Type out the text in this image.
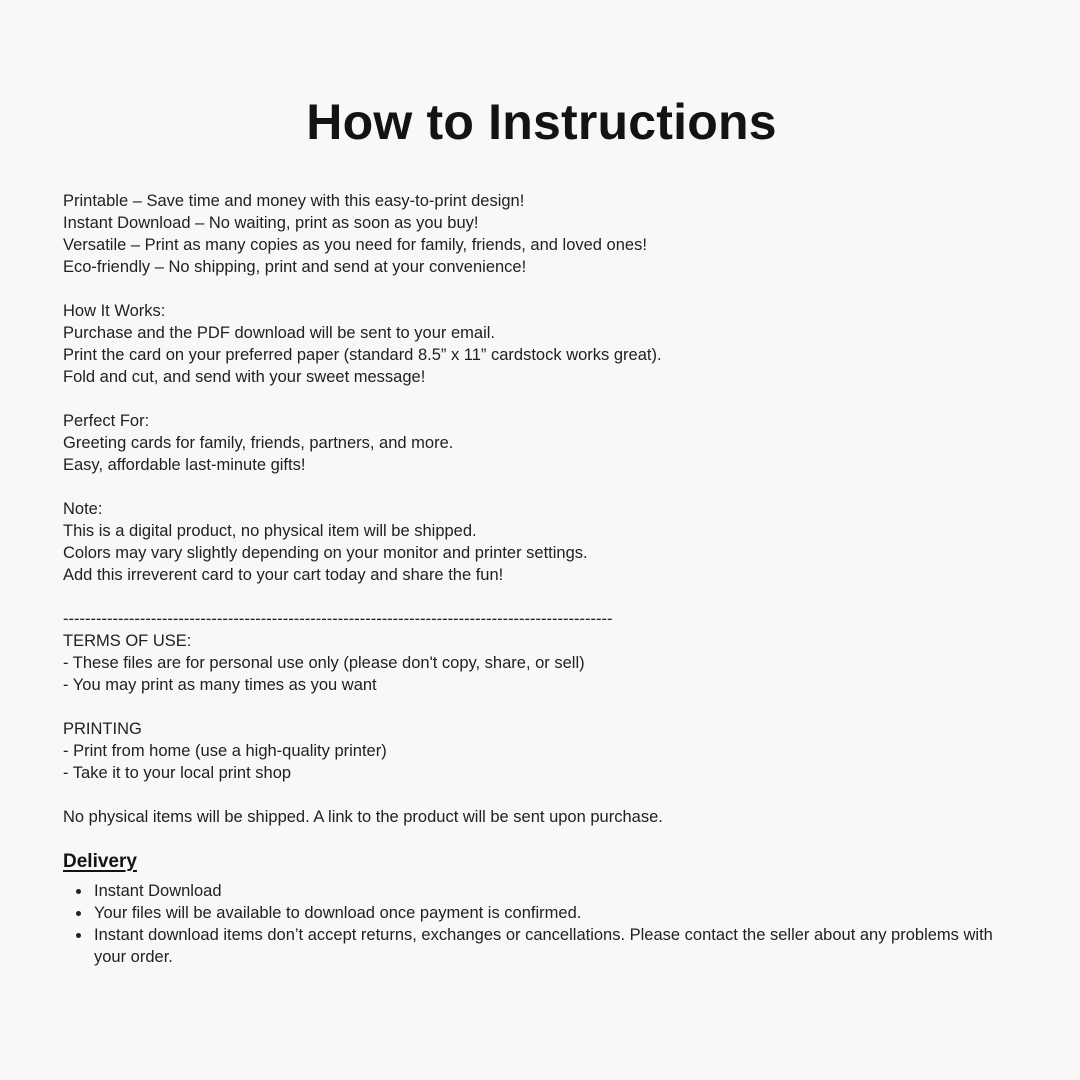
How to Instructions
Printable – Save time and money with this easy-to-print design!
Instant Download – No waiting, print as soon as you buy!
Versatile – Print as many copies as you need for family, friends, and loved ones!
Eco-friendly – No shipping, print and send at your convenience!
How It Works:
Purchase and the PDF download will be sent to your email.
Print the card on your preferred paper (standard 8.5” x 11” cardstock works great).
Fold and cut, and send with your sweet message!
Perfect For:
Greeting cards for family, friends, partners, and more.
Easy, affordable last-minute gifts!
Note:
This is a digital product, no physical item will be shipped.
Colors may vary slightly depending on your monitor and printer settings.
Add this irreverent card to your cart today and share the fun!
----------------------------------------------------------------------------------------------------
TERMS OF USE:
- These files are for personal use only (please don't copy, share, or sell)
- You may print as many times as you want
PRINTING
- Print from home (use a high-quality printer)
- Take it to your local print shop
No physical items will be shipped. A link to the product will be sent upon purchase.
Delivery
• Instant Download
• Your files will be available to download once payment is confirmed.
• Instant download items don’t accept returns, exchanges or cancellations. Please contact the seller about any problems with your order.
